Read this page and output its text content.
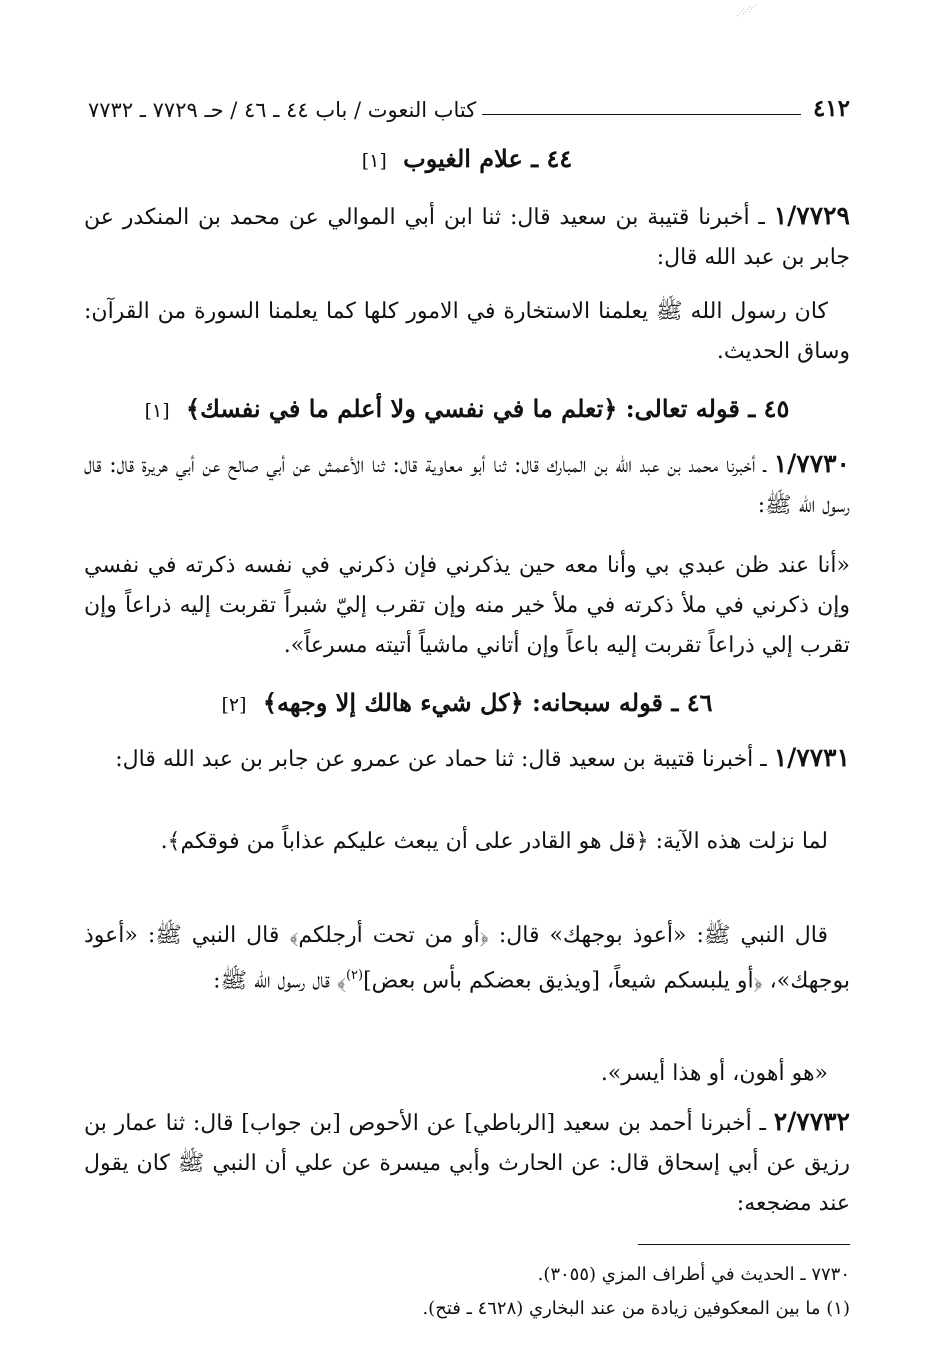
٤١٢
كتاب النعوت / باب ٤٤ ـ ٤٦ / حـ ٧٧٢٩ ـ ٧٧٣٢
٤٤ ـ علام الغيوب [١]
١/٧٧٢٩ ـ أخبرنا قتيبة بن سعيد قال: ثنا ابن أبي الموالي عن محمد بن المنكدر عن جابر بن عبد الله قال:
كان رسول الله ﷺ يعلمنا الاستخارة في الامور كلها كما يعلمنا السورة من القرآن: وساق الحديث.
٤٥ ـ قوله تعالى: ﴿تعلم ما في نفسي ولا أعلم ما في نفسك﴾ [١]
١/٧٧٣٠ ـ أخبرنا محمد بن عبد الله بن المبارك قال: ثنا أبو معاوية قال: ثنا الأعمش عن أبي صالح عن أبي هريرة قال: قال رسول الله ﷺ:
«أنا عند ظن عبدي بي وأنا معه حين يذكرني فإن ذكرني في نفسه ذكرته في نفسي وإن ذكرني في ملأ ذكرته في ملأ خير منه وإن تقرب إليّ شبراً تقربت إليه ذراعاً وإن تقرب إلي ذراعاً تقربت إليه باعاً وإن أتاني ماشياً أتيته مسرعاً».
٤٦ ـ قوله سبحانه: ﴿كل شيء هالك إلا وجهه﴾ [٢]
١/٧٧٣١ ـ أخبرنا قتيبة بن سعيد قال: ثنا حماد عن عمرو عن جابر بن عبد الله قال:
لما نزلت هذه الآية: ﴿قل هو القادر على أن يبعث عليكم عذاباً من فوقكم﴾.
قال النبي ﷺ: «أعوذ بوجهك» قال: ﴿أو من تحت أرجلكم﴾ قال النبي ﷺ: «أعوذ بوجهك»، ﴿أو يلبسكم شيعاً، [ويذيق بعضكم بأس بعض]$^{(٢)}$﴾ قال رسول الله ﷺ:
«هو أهون، أو هذا أيسر».
٢/٧٧٣٢ ـ أخبرنا أحمد بن سعيد [الرباطي] عن الأحوص [بن جواب] قال: ثنا عمار بن رزيق عن أبي إسحاق قال: عن الحارث وأبي ميسرة عن علي أن النبي ﷺ كان يقول عند مضجعه:
٧٧٣٠ ـ الحديث في أطراف المزي (٣٠٥٥).
(١) ما بين المعكوفين زيادة من عند البخاري (٤٦٢٨ ـ فتح).
